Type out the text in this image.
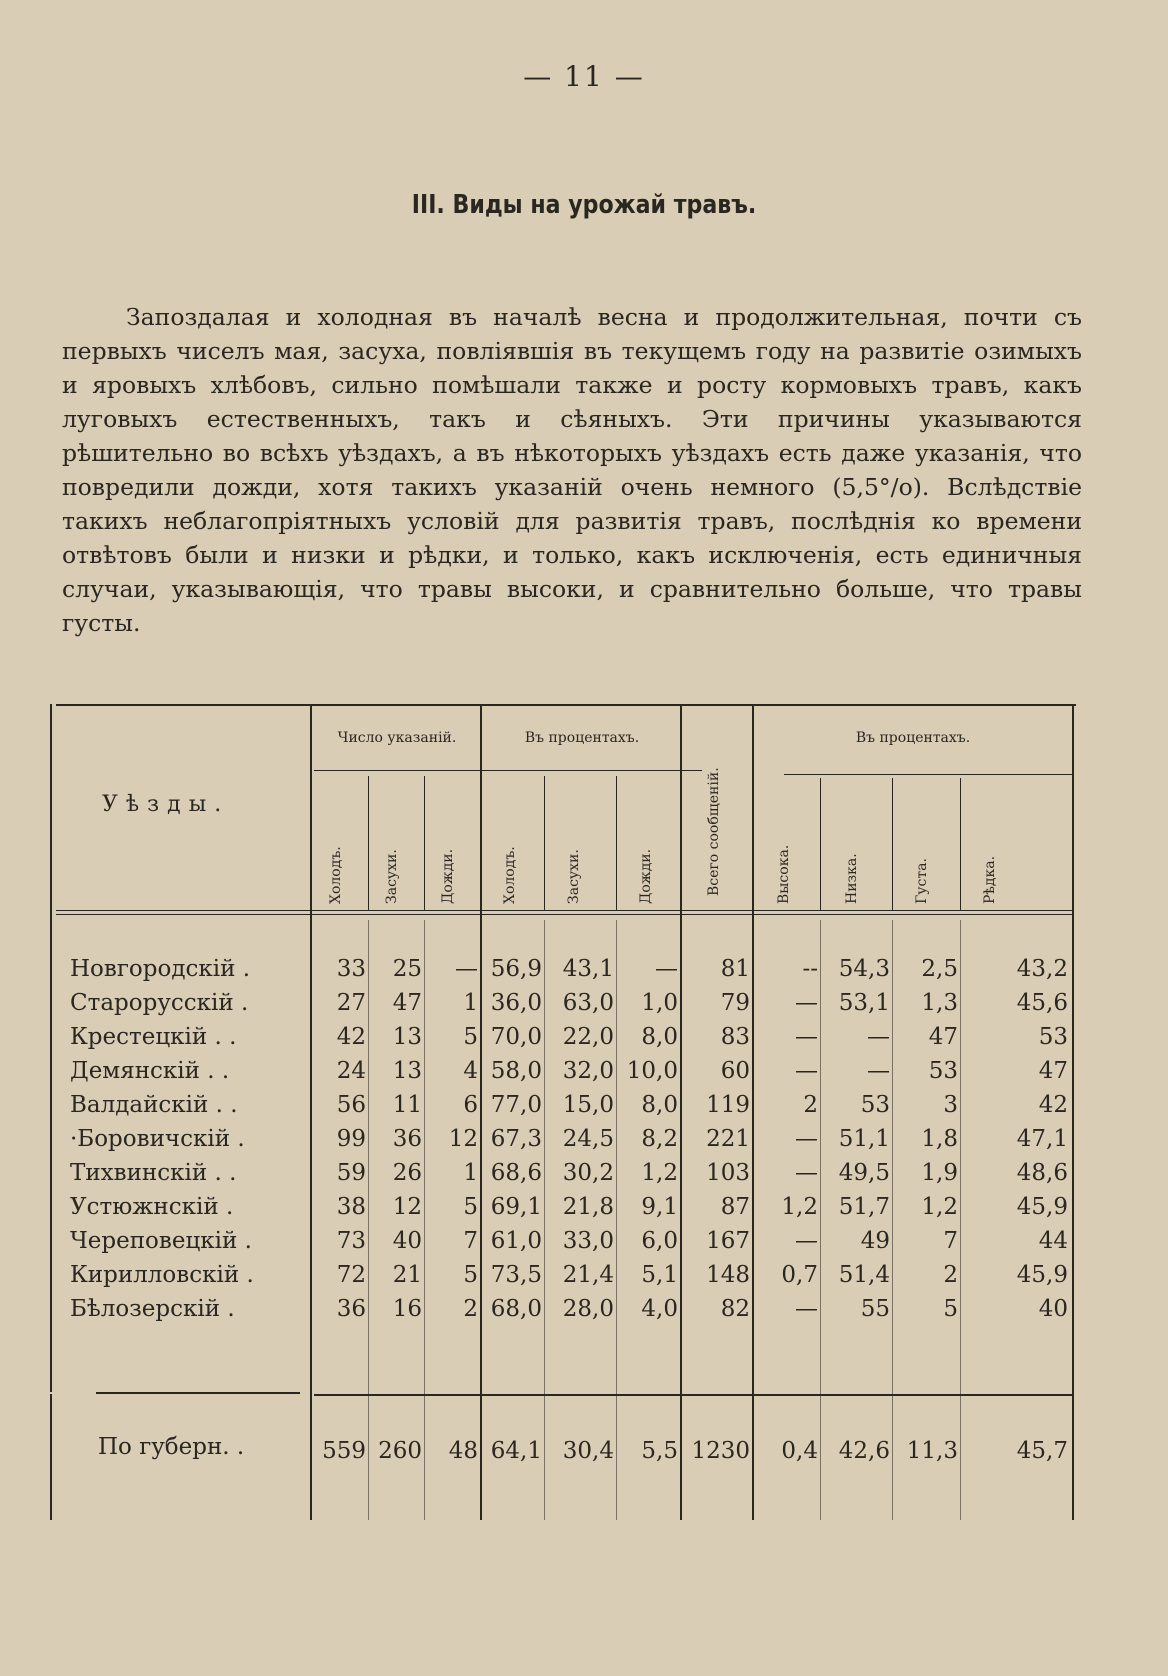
— 11 —
III. Виды на урожай травъ.
Запоздалая и холодная въ началѣ весна и продолжительная, почти съ первыхъ чиселъ мая, засуха, повліявшія въ текущемъ году на развитіе озимыхъ и яровыхъ хлѣбовъ, сильно помѣшали также и росту кормовыхъ травъ, какъ луговыхъ естественныхъ, такъ и сѣяныхъ. Эти причины указываются рѣшительно во всѣхъ уѣздахъ, а въ нѣкоторыхъ уѣздахъ есть даже указанія, что повредили дожди, хотя такихъ указаній очень немного (5,5°/о). Вслѣдствіе такихъ неблагопріятныхъ условій для развитія травъ, послѣднія ко времени отвѣтовъ были и низки и рѣдки, и только, какъ исключенія, есть единичныя случаи, указывающія, что травы высоки, и сравнительно больше, что травы густы.
Уѣзды.
Число указаній.	Въ процентахъ.
Всего сообщеній.
Въ процентахъ.
Холодъ.	Засухи.	Дожди.	Холодъ.	Засухи.	Дожди.	Высока.	Низка.	Густа.	Рѣдка.
Новгородскій .	33 25 — 56,9 43,1 — 81 -- 54,3 2,5	43,2
Старорусскій .	27 47 1 36,0 63,0 1,0 79 — 53,1 1,3	45,6
Крестецкій . .	42 13 5 70,0 22,0 8,0 83 — — 47	53
Демянскій . .	24 13 4 58,0 32,0 10,0 60 — — 53	47
Валдайскій . .	56 11 6 77,0 15,0 8,0 119 2 53 3	42
·Боровичскій .	99 36 12 67,3 24,5 8,2 221 — 51,1 1,8	47,1
Тихвинскій . .	59 26 1 68,6 30,2 1,2 103 — 49,5 1,9	48,6
Устюжнскій .	38 12 5 69,1 21,8 9,1 87 1,2 51,7 1,2	45,9
Череповецкій .	73 40 7 61,0 33,0 6,0 167 — 49 7	44
Кирилловскій .	72 21 5 73,5 21,4 5,1 148 0,7 51,4 2	45,9
Бѣлозерскій .	36 16 2 68,0 28,0 4,0 82 — 55 5	40
По губерн. .	559 260 48 64,1 30,4 5,5 1230 0,4 42,6 11,3	45,7
